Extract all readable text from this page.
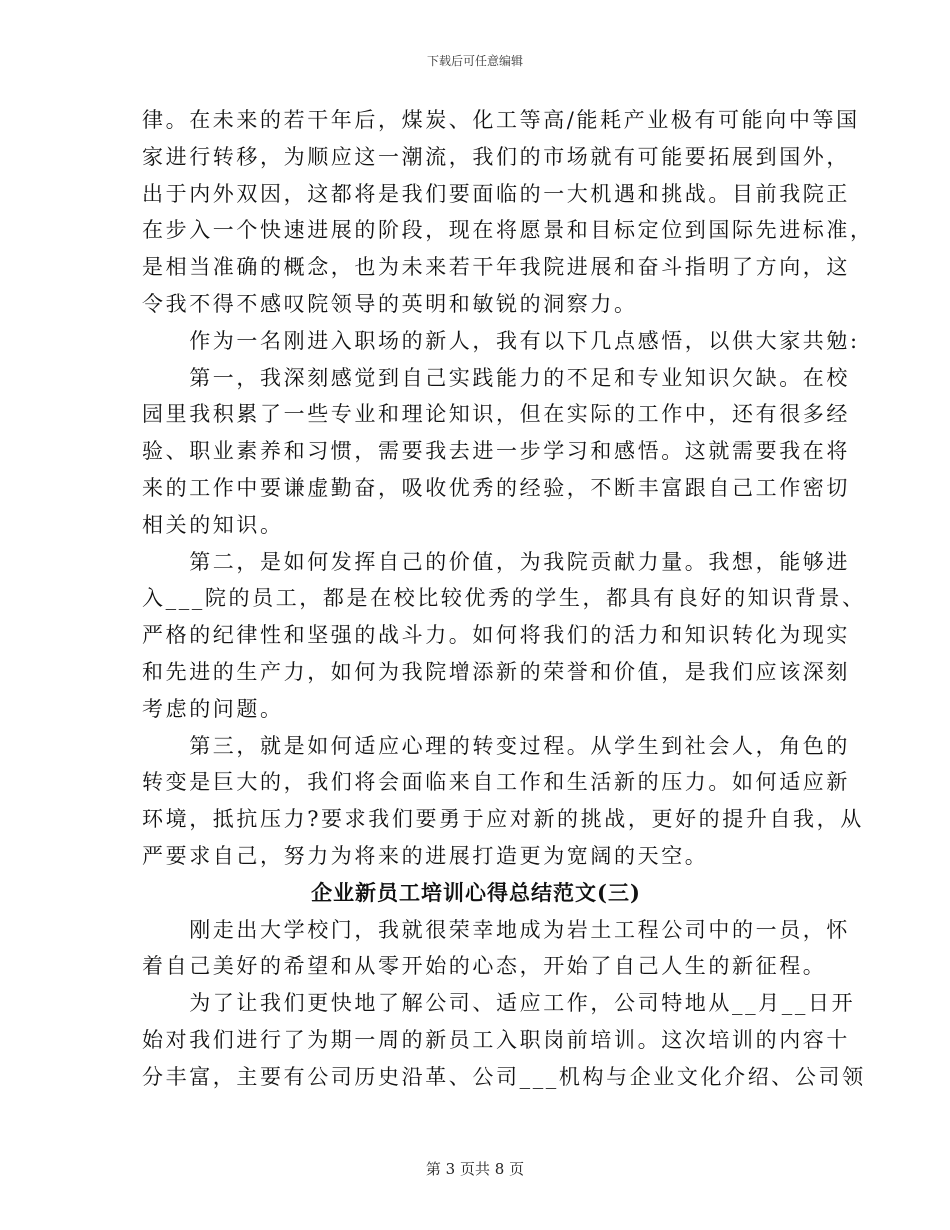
下载后可任意编辑
律。在未来的若干年后，煤炭、化工等高/能耗产业极有可能向中等国
家进行转移，为顺应这一潮流，我们的市场就有可能要拓展到国外，
出于内外双因，这都将是我们要面临的一大机遇和挑战。目前我院正
在步入一个快速进展的阶段，现在将愿景和目标定位到国际先进标准，
是相当准确的概念，也为未来若干年我院进展和奋斗指明了方向，这
令我不得不感叹院领导的英明和敏锐的洞察力。
　　作为一名刚进入职场的新人，我有以下几点感悟，以供大家共勉:
　　第一，我深刻感觉到自己实践能力的不足和专业知识欠缺。在校
园里我积累了一些专业和理论知识，但在实际的工作中，还有很多经
验、职业素养和习惯，需要我去进一步学习和感悟。这就需要我在将
来的工作中要谦虚勤奋，吸收优秀的经验，不断丰富跟自己工作密切
相关的知识。
　　第二，是如何发挥自己的价值，为我院贡献力量。我想，能够进
入___院的员工，都是在校比较优秀的学生，都具有良好的知识背景、
严格的纪律性和坚强的战斗力。如何将我们的活力和知识转化为现实
和先进的生产力，如何为我院增添新的荣誉和价值，是我们应该深刻
考虑的问题。
　　第三，就是如何适应心理的转变过程。从学生到社会人，角色的
转变是巨大的，我们将会面临来自工作和生活新的压力。如何适应新
环境，抵抗压力?要求我们要勇于应对新的挑战，更好的提升自我，从
严要求自己，努力为将来的进展打造更为宽阔的天空。
企业新员工培训心得总结范文(三)
　　刚走出大学校门，我就很荣幸地成为岩土工程公司中的一员，怀
着自己美好的希望和从零开始的心态，开始了自己人生的新征程。
　　为了让我们更快地了解公司、适应工作，公司特地从__月__日开
始对我们进行了为期一周的新员工入职岗前培训。这次培训的内容十
分丰富，主要有公司历史沿革、公司___机构与企业文化介绍、公司领
第 3 页共 8 页
